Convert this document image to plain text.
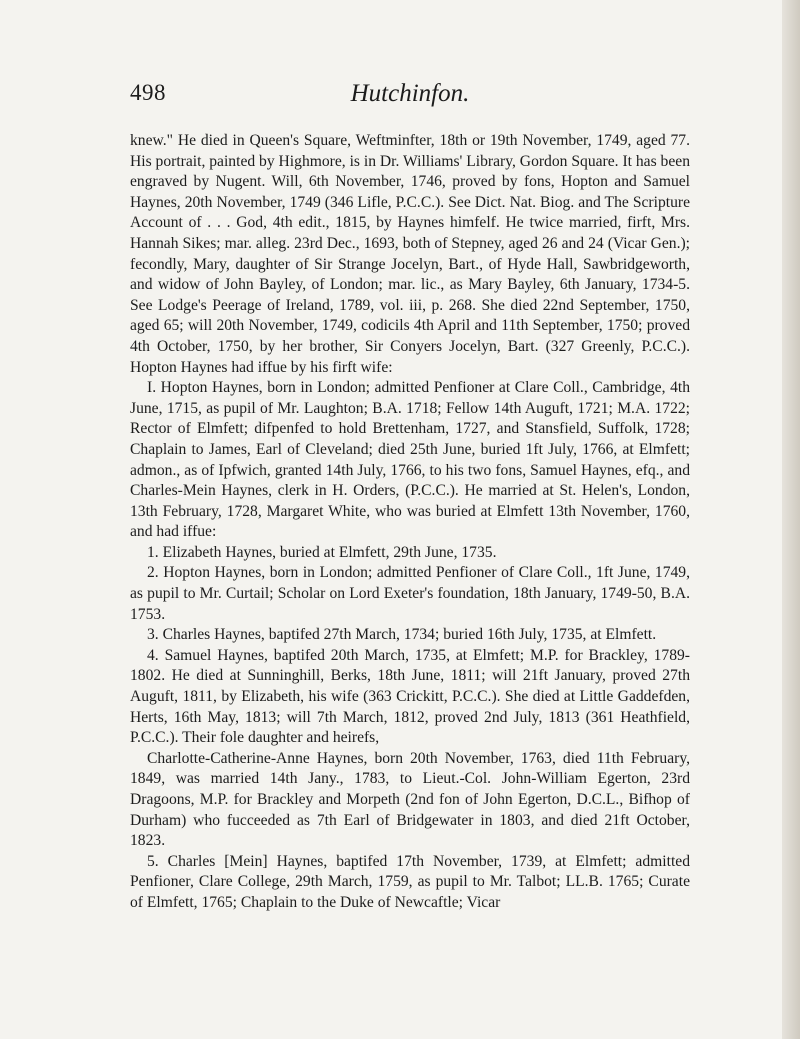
498	Hutchinfon.

knew." He died in Queen's Square, Weftminfter, 18th or 19th November, 1749, aged 77. His portrait, painted by Highmore, is in Dr. Williams' Library, Gordon Square. It has been engraved by Nugent. Will, 6th November, 1746, proved by fons, Hopton and Samuel Haynes, 20th November, 1749 (346 Lifle, P.C.C.). See Dict. Nat. Biog. and The Scripture Account of . . . God, 4th edit., 1815, by Haynes himfelf. He twice married, firft, Mrs. Hannah Sikes; mar. alleg. 23rd Dec., 1693, both of Stepney, aged 26 and 24 (Vicar Gen.); fecondly, Mary, daughter of Sir Strange Jocelyn, Bart., of Hyde Hall, Sawbridgeworth, and widow of John Bayley, of London; mar. lic., as Mary Bayley, 6th January, 1734-5. See Lodge's Peerage of Ireland, 1789, vol. iii, p. 268. She died 22nd September, 1750, aged 65; will 20th November, 1749, codicils 4th April and 11th September, 1750; proved 4th October, 1750, by her brother, Sir Conyers Jocelyn, Bart. (327 Greenly, P.C.C.). Hopton Haynes had iffue by his firft wife:

I. Hopton Haynes, born in London; admitted Penfioner at Clare Coll., Cambridge, 4th June, 1715, as pupil of Mr. Laughton; B.A. 1718; Fellow 14th Auguft, 1721; M.A. 1722; Rector of Elmfett; difpenfed to hold Brettenham, 1727, and Stansfield, Suffolk, 1728; Chaplain to James, Earl of Cleveland; died 25th June, buried 1ft July, 1766, at Elmfett; admon., as of Ipfwich, granted 14th July, 1766, to his two fons, Samuel Haynes, efq., and Charles-Mein Haynes, clerk in H. Orders, (P.C.C.). He married at St. Helen's, London, 13th February, 1728, Margaret White, who was buried at Elmfett 13th November, 1760, and had iffue:

1. Elizabeth Haynes, buried at Elmfett, 29th June, 1735.

2. Hopton Haynes, born in London; admitted Penfioner of Clare Coll., 1ft June, 1749, as pupil to Mr. Curtail; Scholar on Lord Exeter's foundation, 18th January, 1749-50, B.A. 1753.

3. Charles Haynes, baptifed 27th March, 1734; buried 16th July, 1735, at Elmfett.

4. Samuel Haynes, baptifed 20th March, 1735, at Elmfett; M.P. for Brackley, 1789-1802. He died at Sunninghill, Berks, 18th June, 1811; will 21ft January, proved 27th Auguft, 1811, by Elizabeth, his wife (363 Crickitt, P.C.C.). She died at Little Gaddefden, Herts, 16th May, 1813; will 7th March, 1812, proved 2nd July, 1813 (361 Heathfield, P.C.C.). Their fole daughter and heirefs,

Charlotte-Catherine-Anne Haynes, born 20th November, 1763, died 11th February, 1849, was married 14th Jany., 1783, to Lieut.-Col. John-William Egerton, 23rd Dragoons, M.P. for Brackley and Morpeth (2nd fon of John Egerton, D.C.L., Bifhop of Durham) who fucceeded as 7th Earl of Bridgewater in 1803, and died 21ft October, 1823.

5. Charles [Mein] Haynes, baptifed 17th November, 1739, at Elmfett; admitted Penfioner, Clare College, 29th March, 1759, as pupil to Mr. Talbot; LL.B. 1765; Curate of Elmfett, 1765; Chaplain to the Duke of Newcaftle; Vicar
